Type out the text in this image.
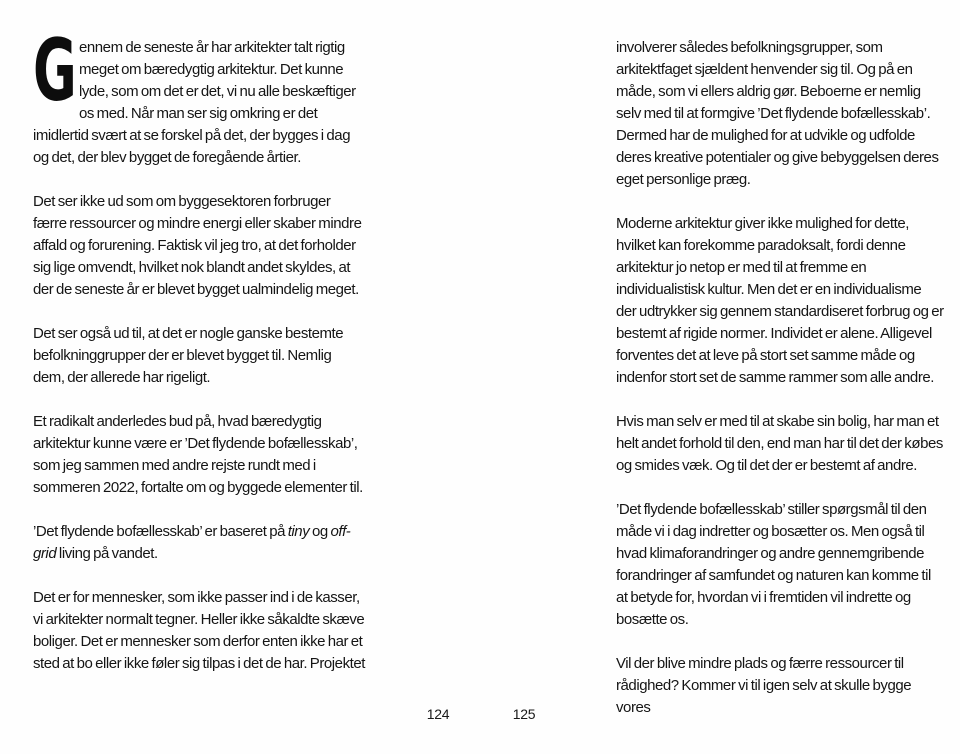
Gennem de seneste år har arkitekter talt rigtig meget om bæredygtig arkitektur. Det kunne lyde, som om det er det, vi nu alle beskæftiger os med. Når man ser sig omkring er det imidlertid svært at se forskel på det, der bygges i dag og det, der blev bygget de foregående årtier.

Det ser ikke ud som om byggesektoren forbruger færre ressourcer og mindre energi eller skaber mindre affald og forurening. Faktisk vil jeg tro, at det forholder sig lige omvendt, hvilket nok blandt andet skyldes, at der de seneste år er blevet bygget ualmindelig meget.

Det ser også ud til, at det er nogle ganske bestemte befolkninggrupper der er blevet bygget til. Nemlig dem, der allerede har rigeligt.

Et radikalt anderledes bud på, hvad bæredygtig arkitektur kunne være er ’Det flydende bofællesskab’, som jeg sammen med andre rejste rundt med i sommeren 2022, fortalte om og byggede elementer til.

’Det flydende bofællesskab’ er baseret på tiny og off-grid living på vandet.

Det er for mennesker, som ikke passer ind i de kasser, vi arkitekter normalt tegner. Heller ikke såkaldte skæve boliger. Det er mennesker som derfor enten ikke har et sted at bo eller ikke føler sig tilpas i det de har. Projektet

involverer således befolkningsgrupper, som arkitektfaget sjældent henvender sig til. Og på en måde, som vi ellers aldrig gør. Beboerne er nemlig selv med til at formgive ’Det flydende bofællesskab’. Dermed har de mulighed for at udvikle og udfolde deres kreative potentialer og give bebyggelsen deres eget personlige præg.

Moderne arkitektur giver ikke mulighed for dette, hvilket kan forekomme paradoksalt, fordi denne arkitektur jo netop er med til at fremme en individualistisk kultur. Men det er en individualisme der udtrykker sig gennem standardiseret forbrug og er bestemt af rigide normer. Individet er alene. Alligevel forventes det at leve på stort set samme måde og indenfor stort set de samme rammer som alle andre.

Hvis man selv er med til at skabe sin bolig, har man et helt andet forhold til den, end man har til det der købes og smides væk. Og til det der er bestemt af andre.

’Det flydende bofællesskab’ stiller spørgsmål til den måde vi i dag indretter og bosætter os. Men også til hvad klimaforandringer og andre gennemgribende forandringer af samfundet og naturen kan komme til at betyde for, hvordan vi i fremtiden vil indrette og bosætte os.

Vil der blive mindre plads og færre ressourcer til rådighed? Kommer vi til igen selv at skulle bygge vores

124	125
